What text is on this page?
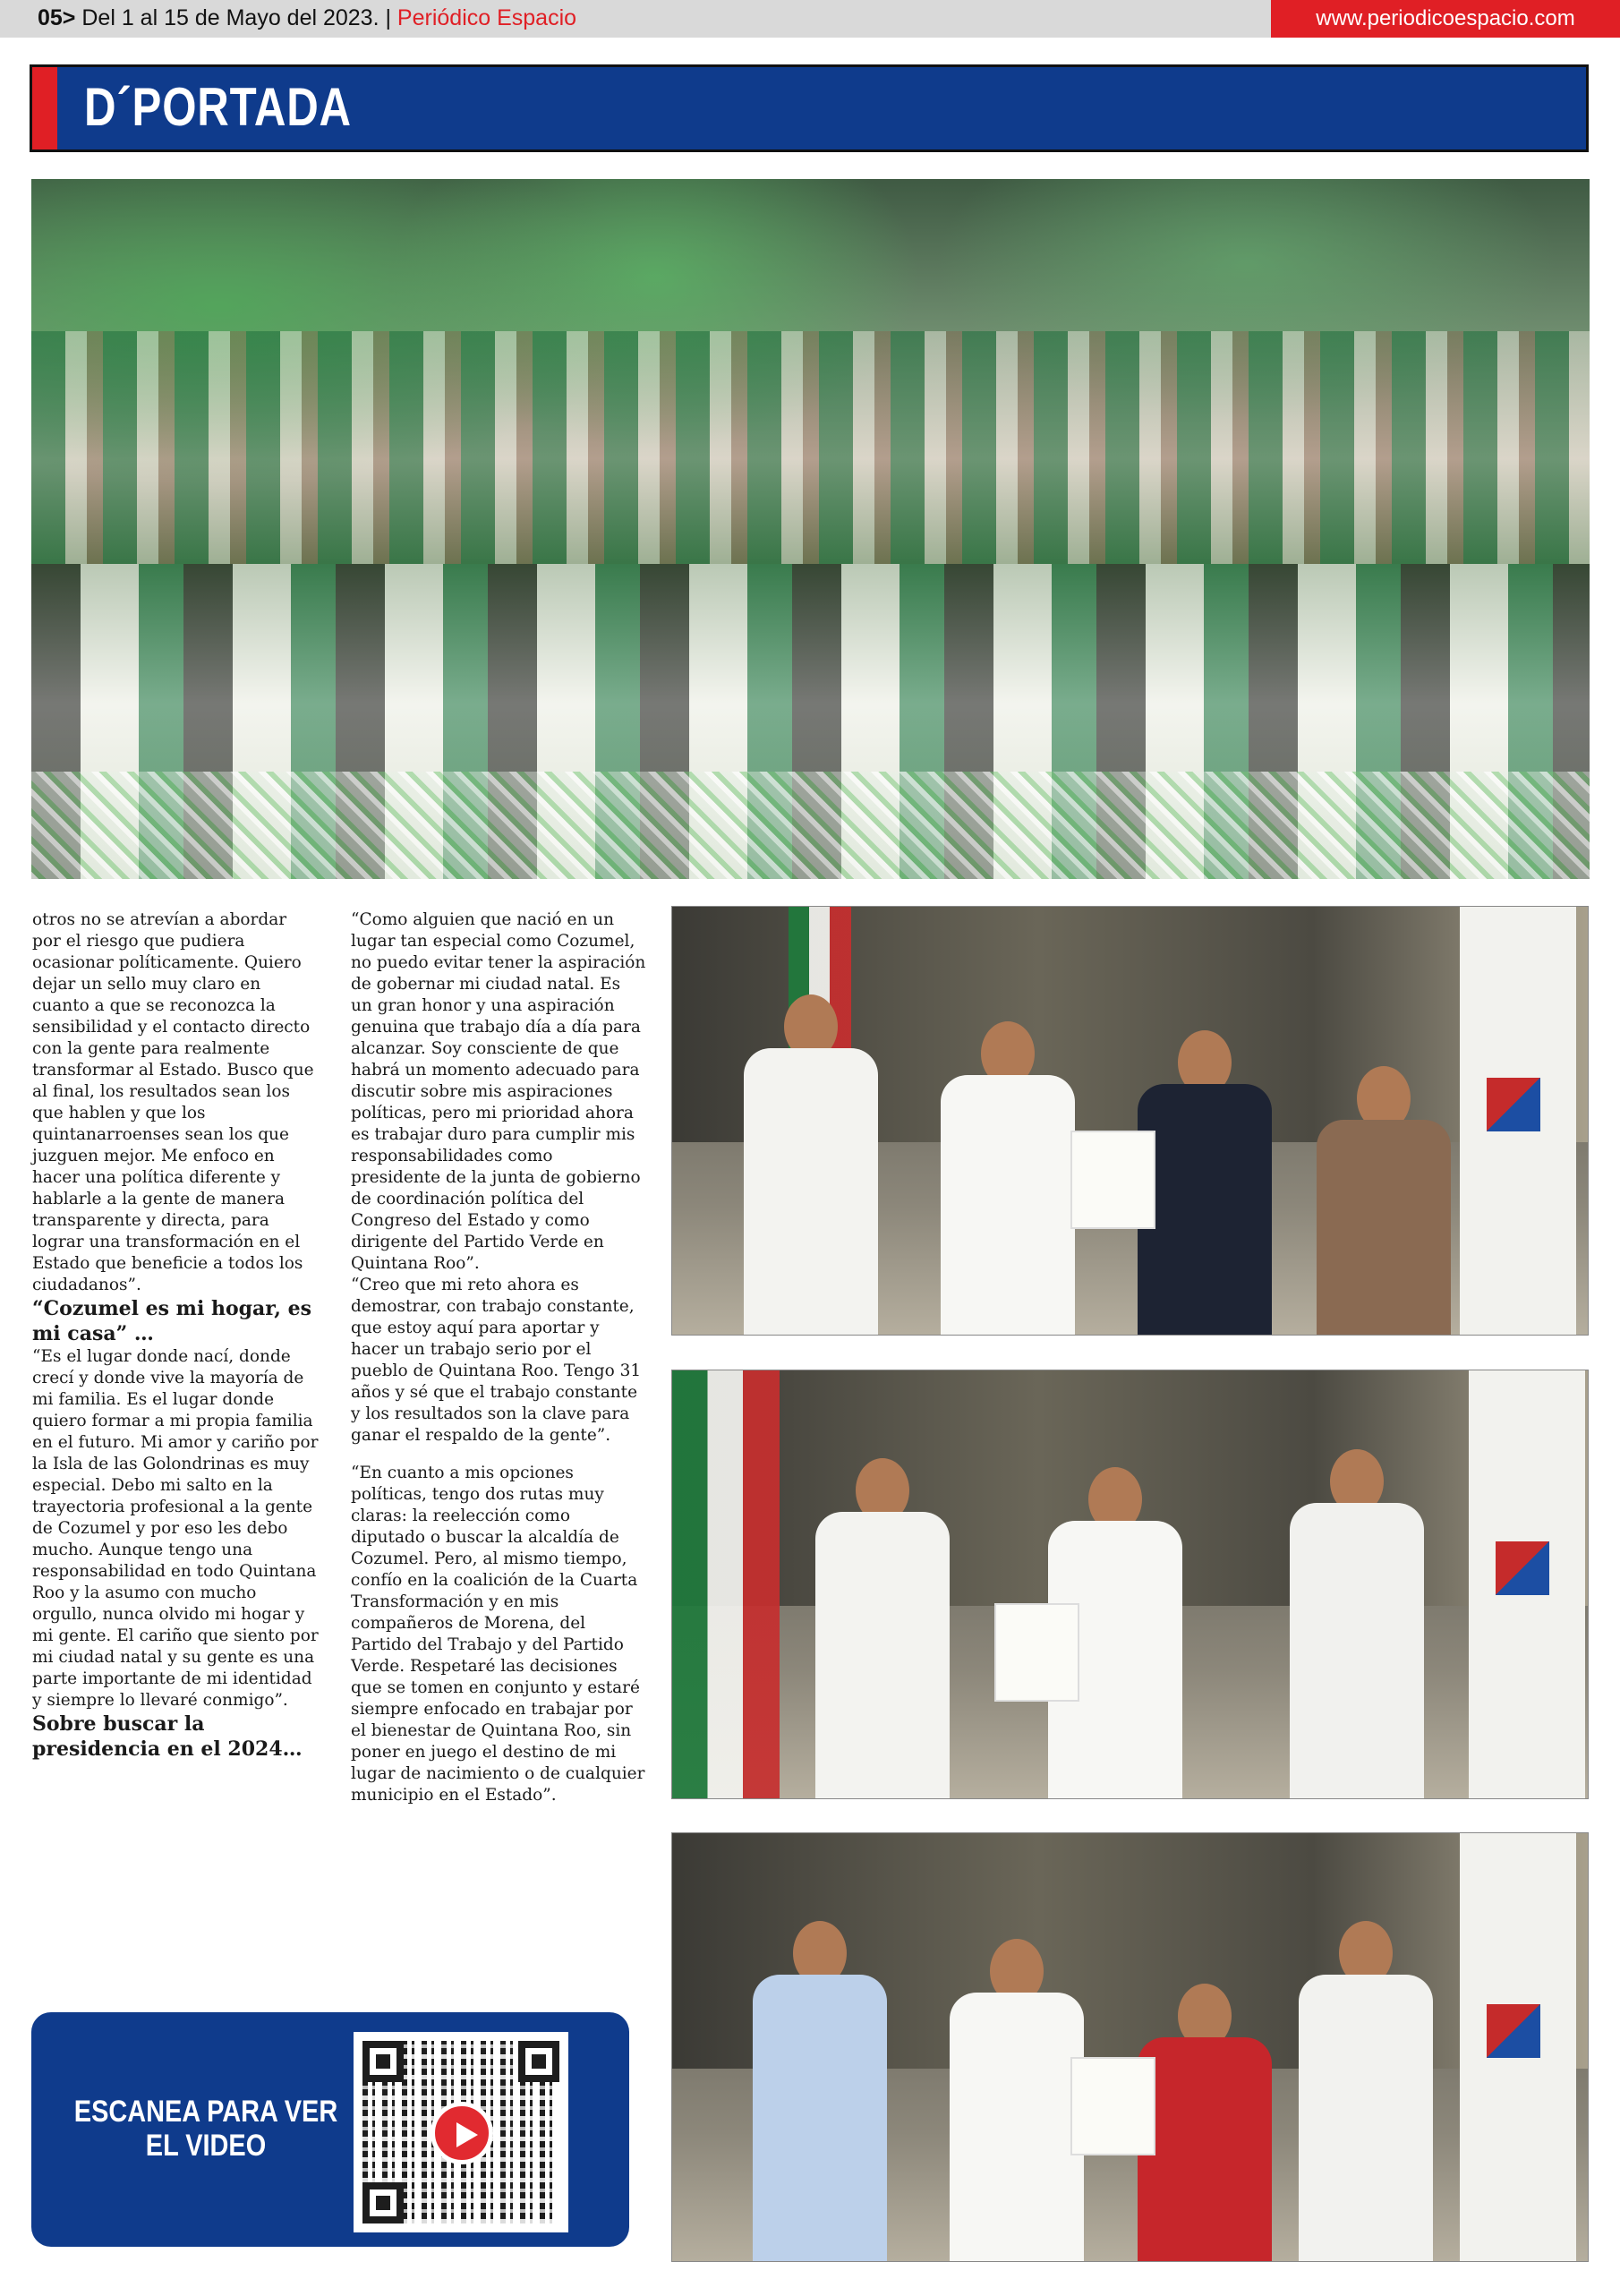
05> Del 1 al 15 de Mayo del 2023. | Periódico Espacio	www.periodicoespacio.com
D´PORTADA

otros no se atrevían a abordar por el riesgo que pudiera ocasionar políticamente. Quiero dejar un sello muy claro en cuanto a que se reconozca la sensibilidad y el contacto directo con la gente para realmente transformar al Estado. Busco que al final, los resultados sean los que hablen y que los quintanarroenses sean los que juzguen mejor. Me enfoco en hacer una política diferente y hablarle a la gente de manera transparente y directa, para lograr una transformación en el Estado que beneficie a todos los ciudadanos”.

“Cozumel es mi hogar, es mi casa” …

“Es el lugar donde nací, donde crecí y donde vive la mayoría de mi familia. Es el lugar donde quiero formar a mi propia familia en el futuro. Mi amor y cariño por la Isla de las Golondrinas es muy especial. Debo mi salto en la trayectoria profesional a la gente de Cozumel y por eso les debo mucho. Aunque tengo una responsabilidad en todo Quintana Roo y la asumo con mucho orgullo, nunca olvido mi hogar y mi gente. El cariño que siento por mi ciudad natal y su gente es una parte importante de mi identidad y siempre lo llevaré conmigo”.

Sobre buscar la presidencia en el 2024…

“Como alguien que nació en un lugar tan especial como Cozumel, no puedo evitar tener la aspiración de gobernar mi ciudad natal. Es un gran honor y una aspiración genuina que trabajo día a día para alcanzar. Soy consciente de que habrá un momento adecuado para discutir sobre mis aspiraciones políticas, pero mi prioridad ahora es trabajar duro para cumplir mis responsabilidades como presidente de la junta de gobierno de coordinación política del Congreso del Estado y como dirigente del Partido Verde en Quintana Roo”.

“Creo que mi reto ahora es demostrar, con trabajo constante, que estoy aquí para aportar y hacer un trabajo serio por el pueblo de Quintana Roo. Tengo 31 años y sé que el trabajo constante y los resultados son la clave para ganar el respaldo de la gente”.

“En cuanto a mis opciones políticas, tengo dos rutas muy claras: la reelección como diputado o buscar la alcaldía de Cozumel. Pero, al mismo tiempo, confío en la coalición de la Cuarta Transformación y en mis compañeros de Morena, del Partido del Trabajo y del Partido Verde. Respetaré las decisiones que se tomen en conjunto y estaré siempre enfocado en trabajar por el bienestar de Quintana Roo, sin poner en juego el destino de mi lugar de nacimiento o de cualquier municipio en el Estado”.

ESCANEA PARA VER EL VIDEO
